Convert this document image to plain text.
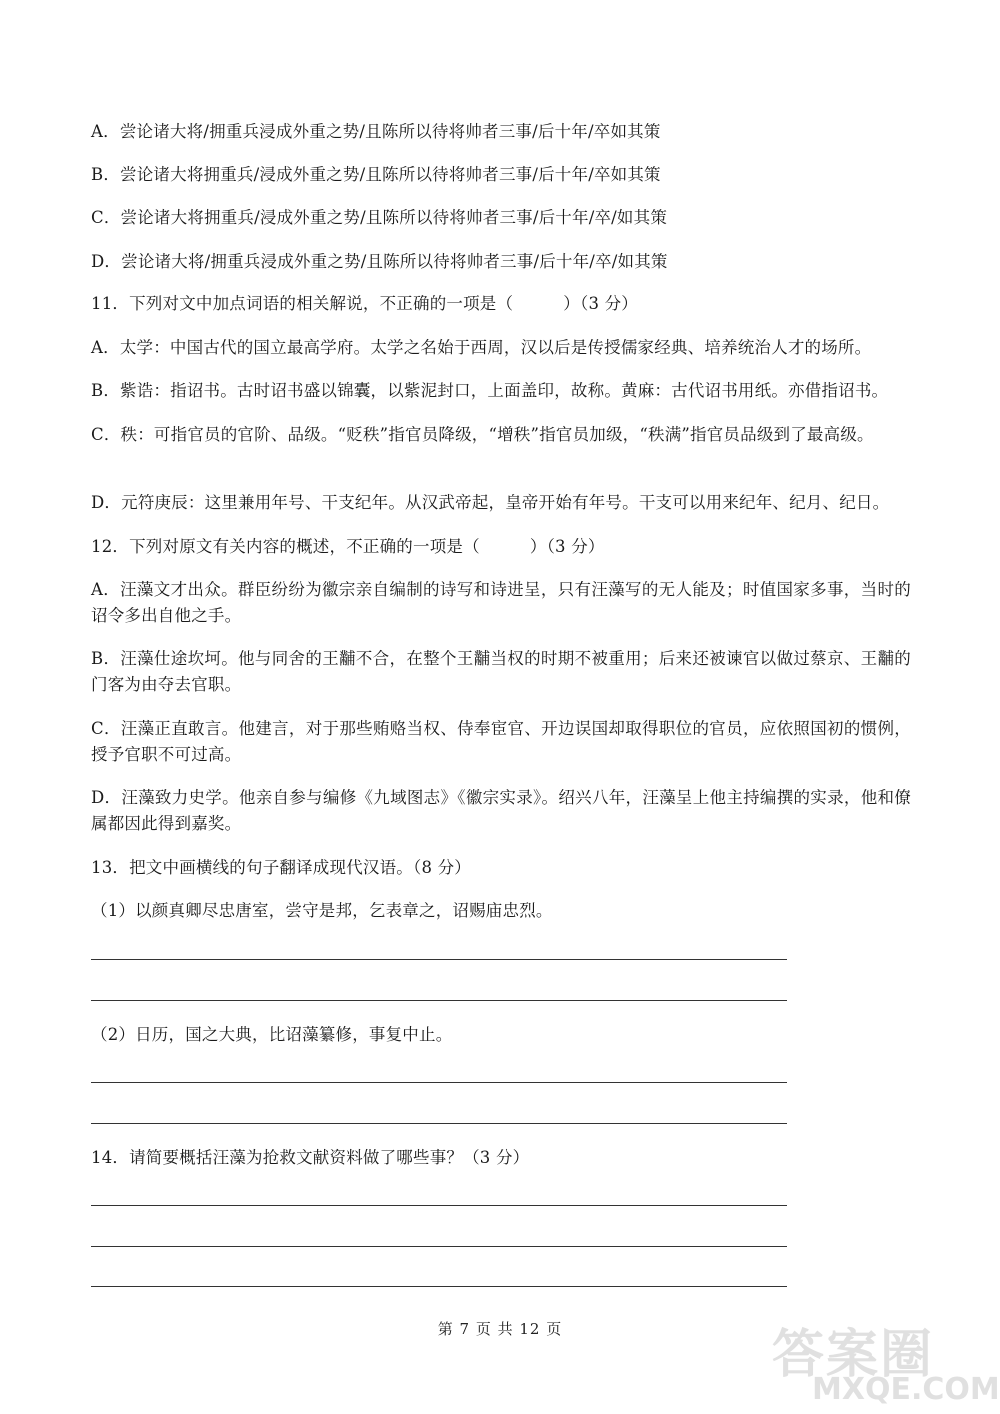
A．尝论诸大将/拥重兵浸成外重之势/且陈所以待将帅者三事/后十年/卒如其策
B．尝论诸大将拥重兵/浸成外重之势/且陈所以待将帅者三事/后十年/卒如其策
C．尝论诸大将拥重兵/浸成外重之势/且陈所以待将帅者三事/后十年/卒/如其策
D．尝论诸大将/拥重兵浸成外重之势/且陈所以待将帅者三事/后十年/卒/如其策
11．下列对文中加点词语的相关解说，不正确的一项是（　　　）（3 分）
A．太学：中国古代的国立最高学府。太学之名始于西周，汉以后是传授儒家经典、培养统治人才的场所。
B．紫诰：指诏书。古时诏书盛以锦囊，以紫泥封口，上面盖印，故称。黄麻：古代诏书用纸。亦借指诏书。
C．秩：可指官员的官阶、品级。“贬秩”指官员降级，“增秩”指官员加级，“秩满”指官员品级到了最高级。
D．元符庚辰：这里兼用年号、干支纪年。从汉武帝起，皇帝开始有年号。干支可以用来纪年、纪月、纪日。
12．下列对原文有关内容的概述，不正确的一项是（　　　）（3 分）
A．汪藻文才出众。群臣纷纷为徽宗亲自编制的诗写和诗进呈，只有汪藻写的无人能及；时值国家多事，当时的诏令多出自他之手。
B．汪藻仕途坎坷。他与同舍的王黼不合，在整个王黼当权的时期不被重用；后来还被谏官以做过蔡京、王黼的门客为由夺去官职。
C．汪藻正直敢言。他建言，对于那些贿赂当权、侍奉宦官、开边误国却取得职位的官员，应依照国初的惯例，授予官职不可过高。
D．汪藻致力史学。他亲自参与编修《九域图志》《徽宗实录》。绍兴八年，汪藻呈上他主持编撰的实录，他和僚属都因此得到嘉奖。
13．把文中画横线的句子翻译成现代汉语。（8 分）
（1）以颜真卿尽忠唐室，尝守是邦，乞表章之，诏赐庙忠烈。
（2）日历，国之大典，比诏藻纂修，事复中止。
14．请简要概括汪藻为抢救文献资料做了哪些事？（3 分）
第 7 页 共 12 页	答案圈
MXQE.COM
